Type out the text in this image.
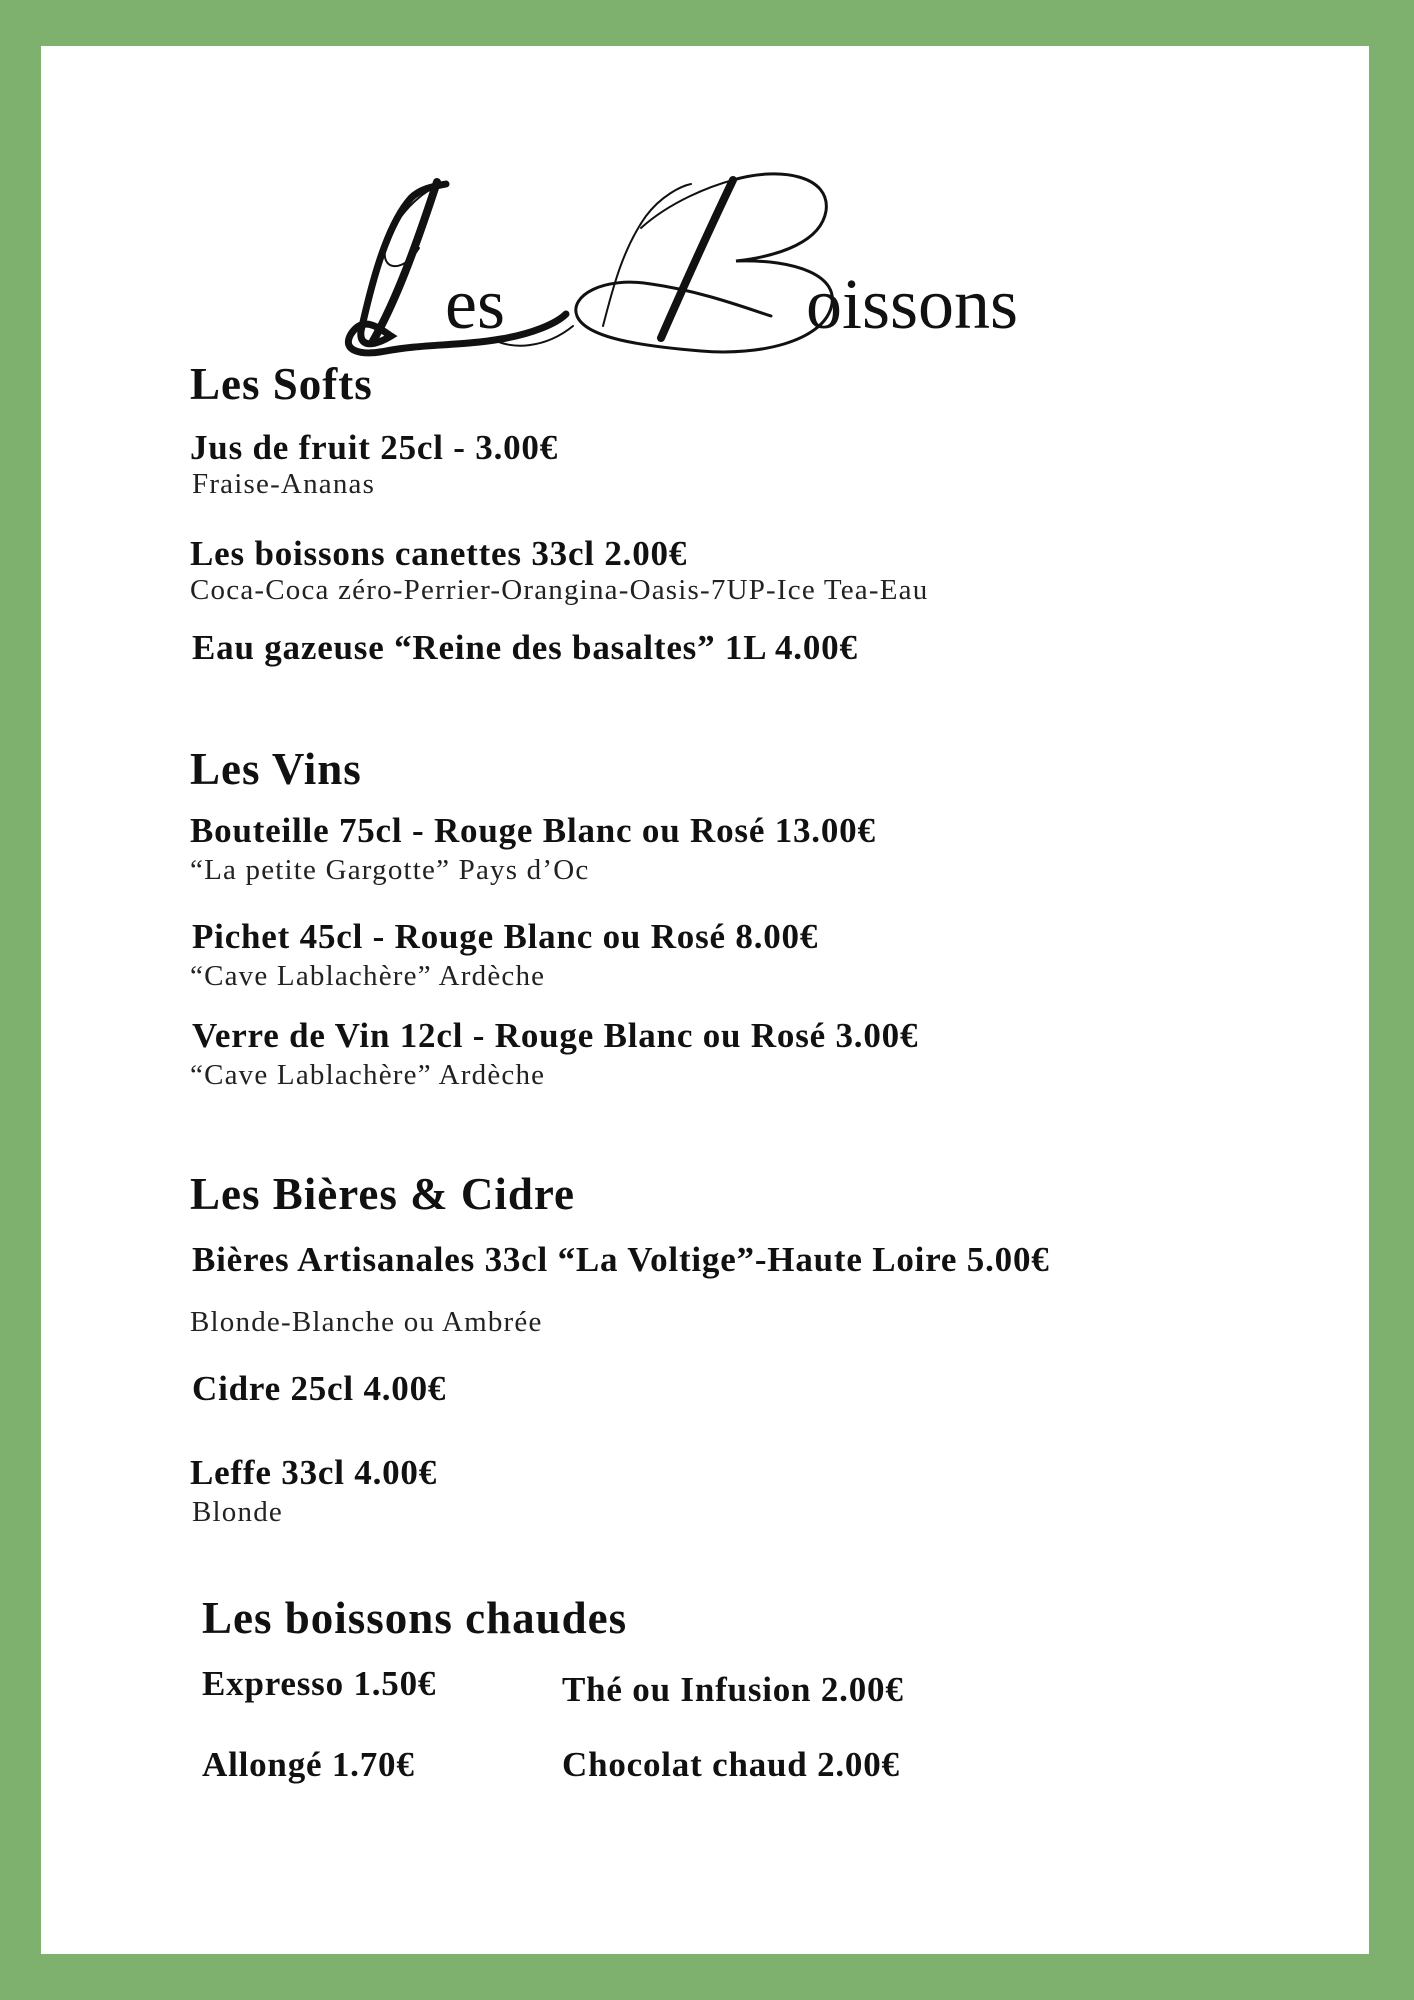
es	oissons
Les Softs
Jus de fruit 25cl - 3.00€
Fraise-Ananas
Les boissons canettes 33cl 2.00€
Coca-Coca zéro-Perrier-Orangina-Oasis-7UP-Ice Tea-Eau
Eau gazeuse “Reine des basaltes” 1L 4.00€
Les Vins
Bouteille 75cl - Rouge Blanc ou Rosé 13.00€
“La petite Gargotte” Pays d’Oc
Pichet 45cl - Rouge Blanc ou Rosé 8.00€
“Cave Lablachère” Ardèche
Verre de Vin 12cl - Rouge Blanc ou Rosé 3.00€
“Cave Lablachère” Ardèche
Les Bières & Cidre
Bières Artisanales 33cl “La Voltige”-Haute Loire 5.00€
Blonde-Blanche ou Ambrée
Cidre 25cl 4.00€
Leffe 33cl 4.00€
Blonde
Les boissons chaudes
Expresso 1.50€	Thé ou Infusion 2.00€
Allongé 1.70€	Chocolat chaud 2.00€
